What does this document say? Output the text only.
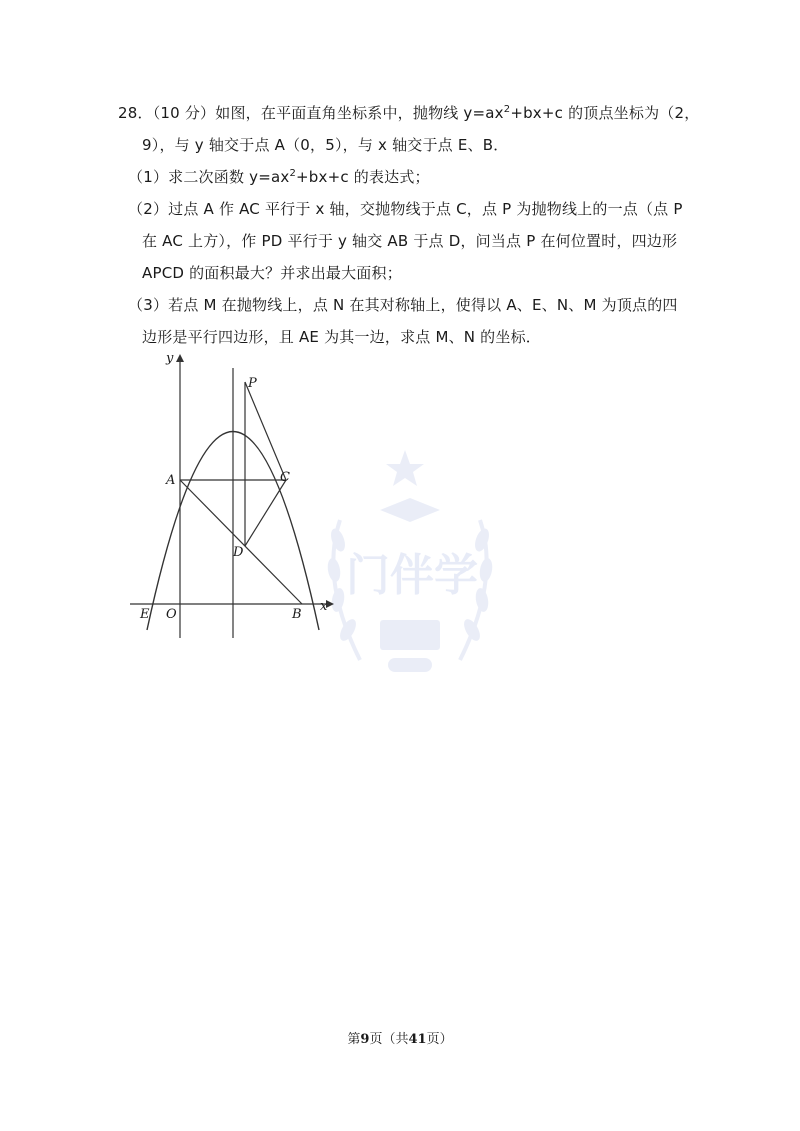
门伴学
28．（10 分）如图，在平面直角坐标系中，抛物线 $y=ax^2+bx+c$ 的顶点坐标为（2，
9），与 y 轴交于点 A（0，5），与 x 轴交于点 E、B．
（1）求二次函数 $y=ax^2+bx+c$ 的表达式；
（2）过点 A 作 AC 平行于 x 轴，交抛物线于点 C，点 P 为抛物线上的一点（点 P
在 AC 上方），作 PD 平行于 y 轴交 AB 于点 D，问当点 P 在何位置时，四边形
APCD 的面积最大？并求出最大面积；
（3）若点 M 在抛物线上，点 N 在其对称轴上，使得以 A、E、N、M 为顶点的四
边形是平行四边形，且 AE 为其一边，求点 M、N 的坐标．
y
x
O
E	B
A	C
P
D
第9页（共41页）
